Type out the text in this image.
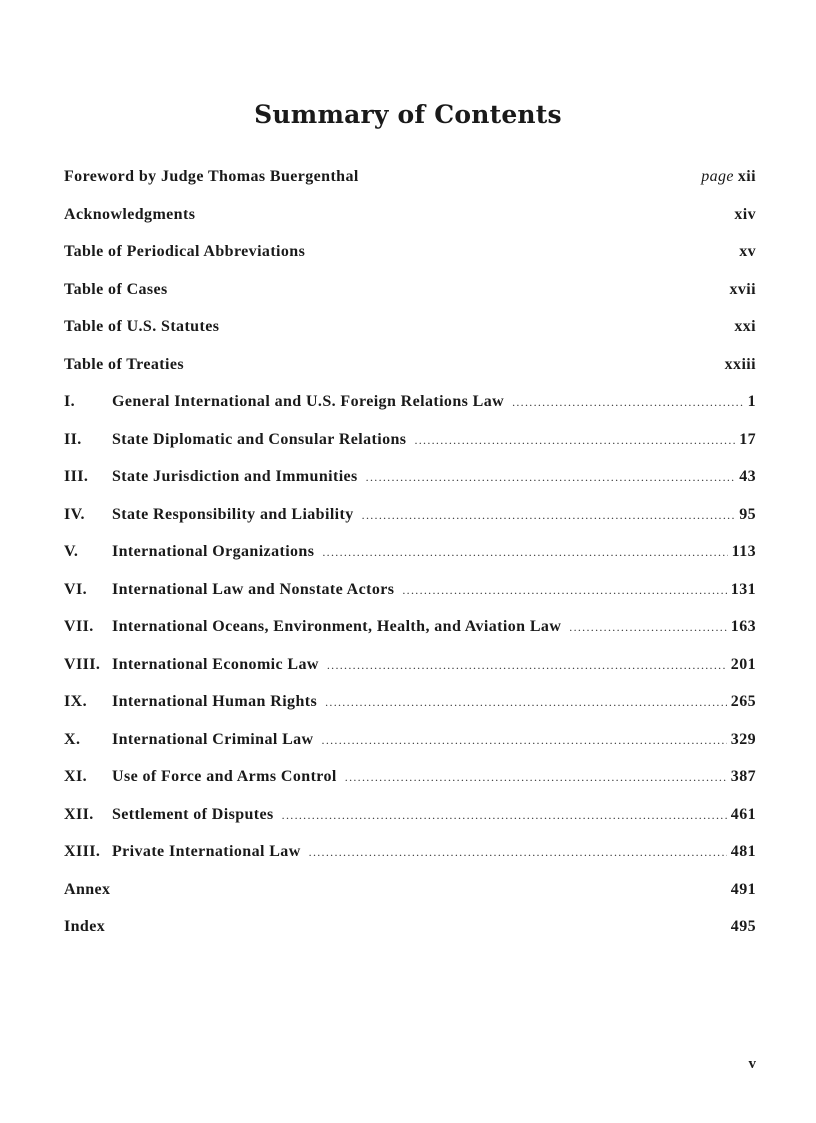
Summary of Contents
Foreword by Judge Thomas Buergenthal	page xii
Acknowledgments	xiv
Table of Periodical Abbreviations	xv
Table of Cases	xvii
Table of U.S. Statutes	xxi
Table of Treaties	xxiii
I.	General International and U.S. Foreign Relations Law .....	1
II.	State Diplomatic and Consular Relations .....	17
III.	State Jurisdiction and Immunities .....	43
IV.	State Responsibility and Liability .....	95
V.	International Organizations .....	113
VI.	International Law and Nonstate Actors .....	131
VII.	International Oceans, Environment, Health, and Aviation Law .....	163
VIII. International Economic Law .....	201
IX.	International Human Rights .....	265
X.	International Criminal Law .....	329
XI.	Use of Force and Arms Control .....	387
XII.	Settlement of Disputes .....	461
XIII. Private International Law .....	481
Annex	491
Index	495
v
